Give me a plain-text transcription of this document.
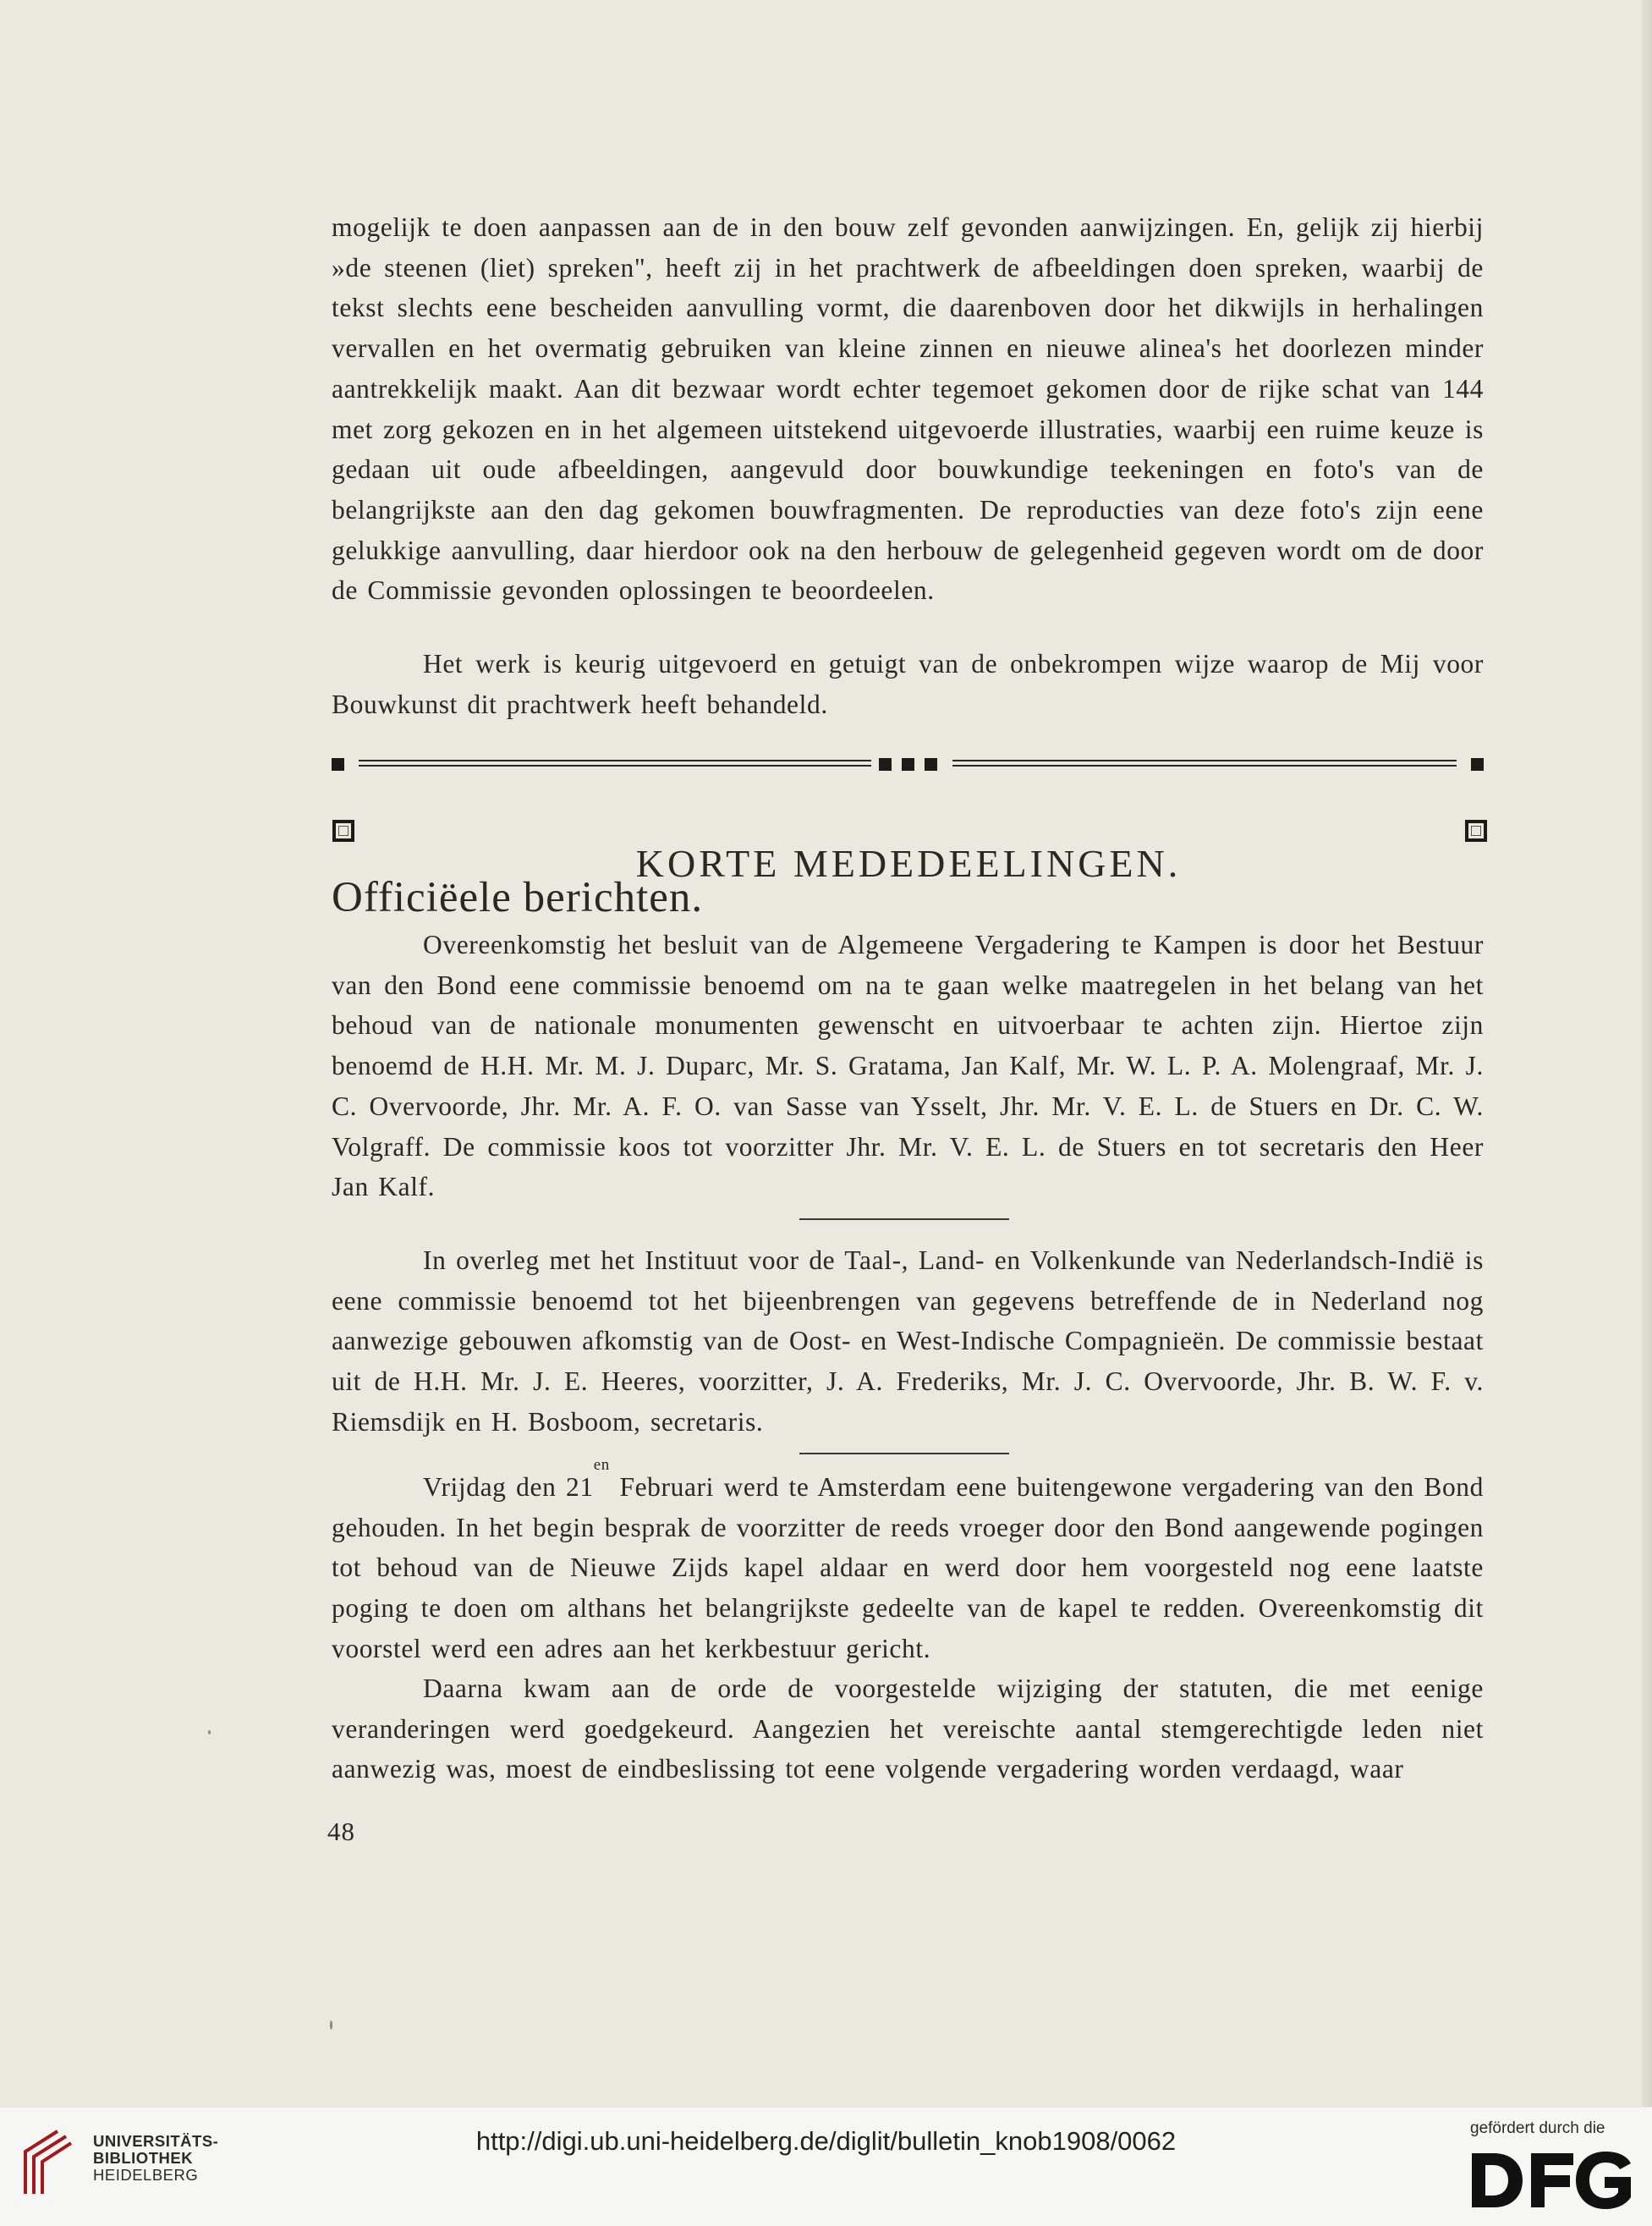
mogelijk te doen aanpassen aan de in den bouw zelf gevonden aanwijzingen. En, gelijk zij hierbij »de steenen (liet) spreken", heeft zij in het prachtwerk de afbeeldingen doen spreken, waarbij de tekst slechts eene bescheiden aanvulling vormt, die daarenboven door het dikwijls in herhalingen vervallen en het overmatig gebruiken van kleine zinnen en nieuwe alinea's het doorlezen minder aantrekkelijk maakt. Aan dit bezwaar wordt echter tegemoet gekomen door de rijke schat van 144 met zorg gekozen en in het algemeen uitstekend uitgevoerde illustraties, waarbij een ruime keuze is gedaan uit oude afbeeldingen, aangevuld door bouwkundige teekeningen en foto's van de belangrijkste aan den dag gekomen bouwfragmenten. De reproducties van deze foto's zijn eene gelukkige aanvulling, daar hierdoor ook na den herbouw de gelegenheid gegeven wordt om de door de Commissie gevonden oplossingen te beoordeelen.

Het werk is keurig uitgevoerd en getuigt van de onbekrompen wijze waarop de Mij voor Bouwkunst dit prachtwerk heeft behandeld.

KORTE MEDEDEELINGEN.
Officiëele berichten.

Overeenkomstig het besluit van de Algemeene Vergadering te Kampen is door het Bestuur van den Bond eene commissie benoemd om na te gaan welke maatregelen in het belang van het behoud van de nationale monumenten gewenscht en uitvoerbaar te achten zijn. Hiertoe zijn benoemd de H.H. Mr. M. J. Duparc, Mr. S. Gratama, Jan Kalf, Mr. W. L. P. A. Molengraaf, Mr. J. C. Overvoorde, Jhr. Mr. A. F. O. van Sasse van Ysselt, Jhr. Mr. V. E. L. de Stuers en Dr. C. W. Volgraff. De commissie koos tot voorzitter Jhr. Mr. V. E. L. de Stuers en tot secretaris den Heer Jan Kalf.

In overleg met het Instituut voor de Taal-, Land- en Volkenkunde van Nederlandsch-Indië is eene commissie benoemd tot het bijeenbrengen van gegevens betreffende de in Nederland nog aanwezige gebouwen afkomstig van de Oost- en West-Indische Compagnieën. De commissie bestaat uit de H.H. Mr. J. E. Heeres, voorzitter, J. A. Frederiks, Mr. J. C. Overvoorde, Jhr. B. W. F. v. Riemsdijk en H. Bosboom, secretaris.

Vrijdag den $21^{en}$ Februari werd te Amsterdam eene buitengewone vergadering van den Bond gehouden. In het begin besprak de voorzitter de reeds vroeger door den Bond aangewende pogingen tot behoud van de Nieuwe Zijds kapel aldaar en werd door hem voorgesteld nog eene laatste poging te doen om althans het belangrijkste gedeelte van de kapel te redden. Overeenkomstig dit voorstel werd een adres aan het kerkbestuur gericht.

Daarna kwam aan de orde de voorgestelde wijziging der statuten, die met eenige veranderingen werd goedgekeurd. Aangezien het vereischte aantal stemgerechtigde leden niet aanwezig was, moest de eindbeslissing tot eene volgende vergadering worden verdaagd, waar

48
UNIVERSITÄTS-
BIBLIOTHEK
HEIDELBERG
http://digi.ub.uni-heidelberg.de/diglit/bulletin_knob1908/0062	gefördert durch die
